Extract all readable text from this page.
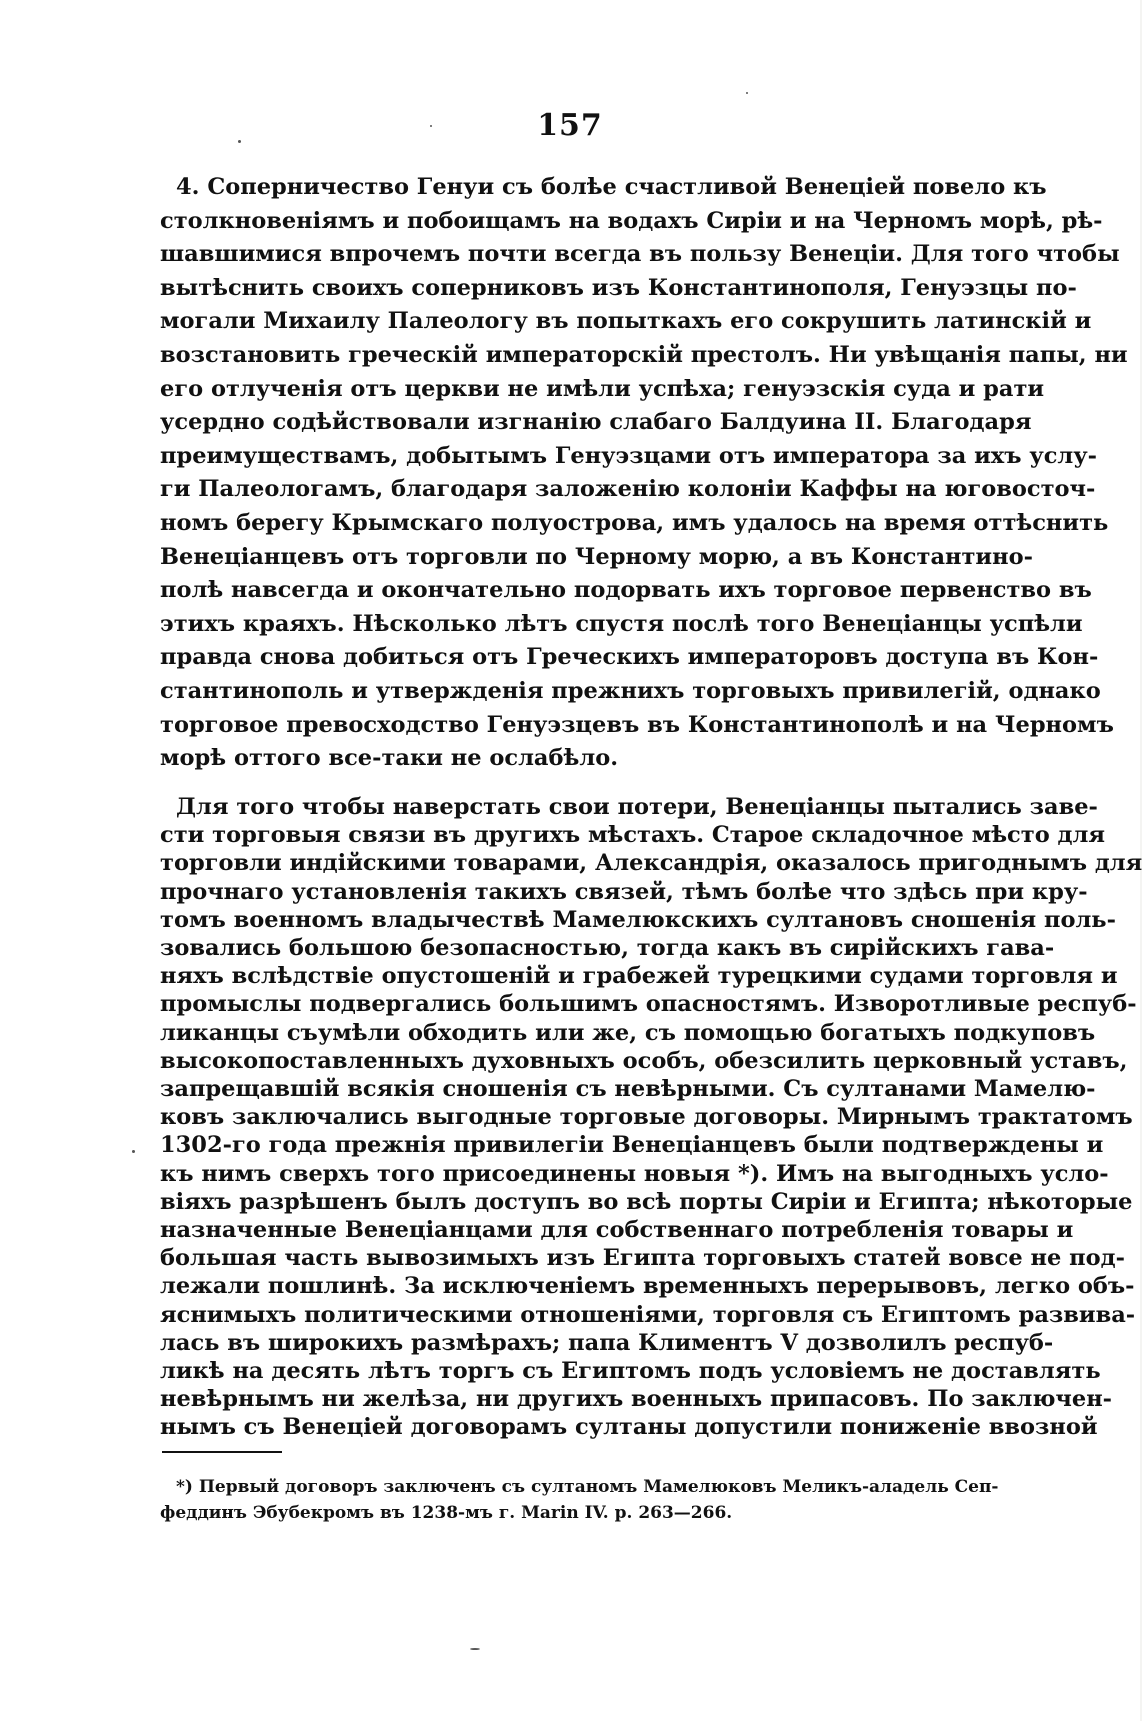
157
4. Соперничество Генуи съ болѣе счастливой Венеціей повело къ
столкновеніямъ и побоищамъ на водахъ Сиріи и на Черномъ морѣ, рѣ-
шавшимися впрочемъ почти всегда въ пользу Венеціи. Для того чтобы
вытѣснить своихъ соперниковъ изъ Константинополя, Генуэзцы по-
могали Михаилу Палеологу въ попыткахъ его сокрушить латинскій и
возстановить греческій императорскій престолъ. Ни увѣщанія папы, ни
его отлученія отъ церкви не имѣли успѣха; генуэзскія суда и рати
усердно содѣйствовали изгнанію слабаго Балдуина II. Благодаря
преимуществамъ, добытымъ Генуэзцами отъ императора за ихъ услу-
ги Палеологамъ, благодаря заложенію колоніи Каффы на юговосточ-
номъ берегу Крымскаго полуострова, имъ удалось на время оттѣснить
Венеціанцевъ отъ торговли по Черному морю, а въ Константино-
полѣ навсегда и окончательно подорвать ихъ торговое первенство въ
этихъ краяхъ. Нѣсколько лѣтъ спустя послѣ того Венеціанцы успѣли
правда снова добиться отъ Греческихъ императоровъ доступа въ Кон-
стантинополь и утвержденія прежнихъ торговыхъ привилегій, однако
торговое превосходство Генуэзцевъ въ Константинополѣ и на Черномъ
морѣ оттого все-таки не ослабѣло.
Для того чтобы наверстать свои потери, Венеціанцы пытались заве-
сти торговыя связи въ другихъ мѣстахъ. Старое складочное мѣсто для
торговли индійскими товарами, Александрія, оказалось пригоднымъ для
прочнаго установленія такихъ связей, тѣмъ болѣе что здѣсь при кру-
томъ военномъ владычествѣ Мамелюкскихъ султановъ сношенія поль-
зовались большою безопасностью, тогда какъ въ сирійскихъ гава-
няхъ вслѣдствіе опустошеній и грабежей турецкими судами торговля и
промыслы подвергались большимъ опасностямъ. Изворотливые респуб-
ликанцы съумѣли обходить или же, съ помощью богатыхъ подкуповъ
высокопоставленныхъ духовныхъ особъ, обезсилить церковный уставъ,
запрещавшій всякія сношенія съ невѣрными. Съ султанами Мамелю-
ковъ заключались выгодные торговые договоры. Мирнымъ трактатомъ
1302-го года прежнія привилегіи Венеціанцевъ были подтверждены и
къ нимъ сверхъ того присоединены новыя *). Имъ на выгодныхъ усло-
віяхъ разрѣшенъ былъ доступъ во всѣ порты Сиріи и Египта; нѣкоторые
назначенные Венеціанцами для собственнаго потребленія товары и
большая часть вывозимыхъ изъ Египта торговыхъ статей вовсе не под-
лежали пошлинѣ. За исключеніемъ временныхъ перерывовъ, легко объ-
яснимыхъ политическими отношеніями, торговля съ Египтомъ развива-
лась въ широкихъ размѣрахъ; папа Климентъ V дозволилъ респуб-
ликѣ на десять лѣтъ торгъ съ Египтомъ подъ условіемъ не доставлять
невѣрнымъ ни желѣза, ни другихъ военныхъ припасовъ. По заключен-
нымъ съ Венеціей договорамъ султаны допустили пониженіе ввозной
*) Первый договоръ заключенъ съ султаномъ Мамелюковъ Меликъ-аладель Сеп-
феддинъ Эбубекромъ въ 1238-мъ г. Marin IV. p. 263—266.
